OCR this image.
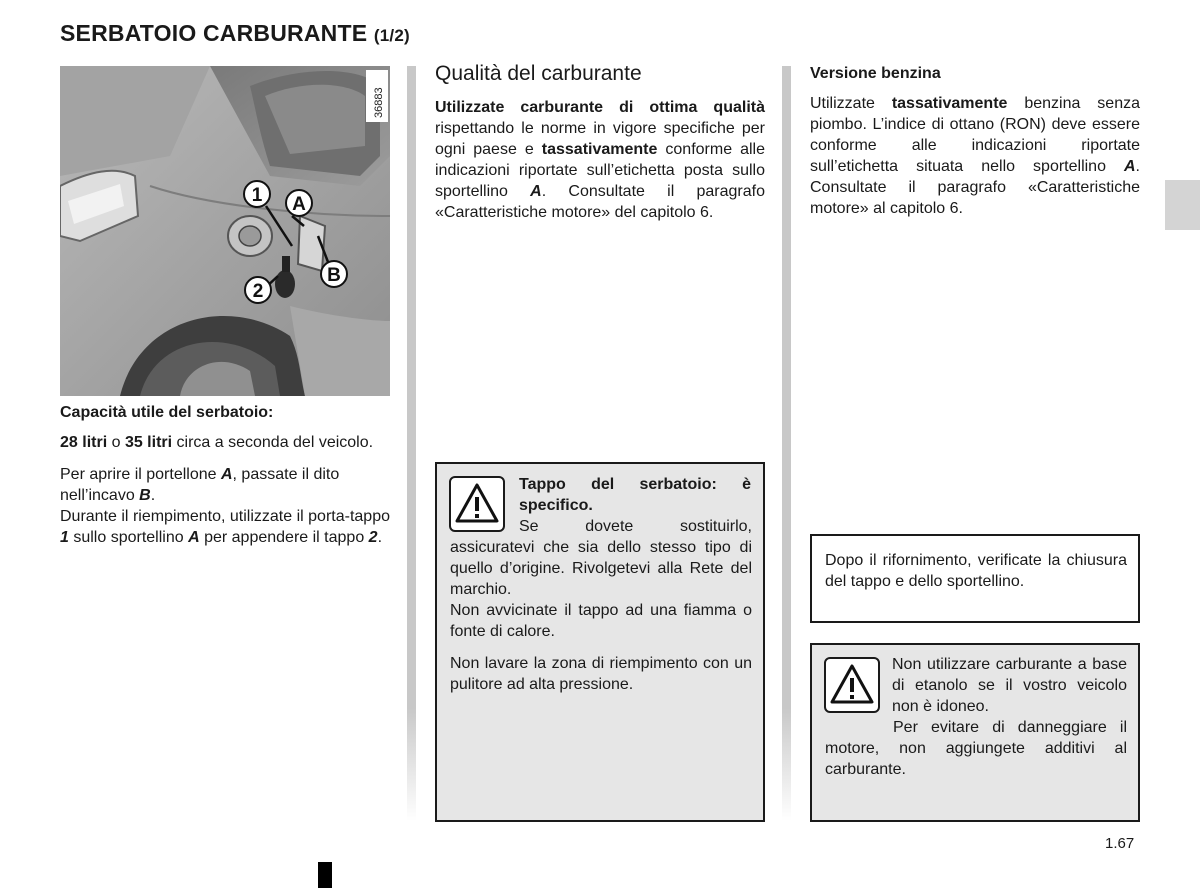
SERBATOIO CARBURANTE (1/2)
1 A
B
2
36883

Capacità utile del serbatoio:

28 litri o 35 litri circa a seconda del veicolo.

Per aprire il portellone A, passate il dito nell’incavo B.

Durante il riempimento, utilizzate il porta-tappo 1 sullo sportellino A per appendere il tappo 2.

Qualità del carburante
Utilizzate carburante di ottima qualità rispettando le norme in vigore specifiche per ogni paese e tassativamente conforme alle indicazioni riportate sull’etichetta posta sullo sportellino A. Consultate il paragrafo «Caratteristiche motore» del capitolo 6.
Tappo del serbatoio: è specifico.
Se dovete sostituirlo, assicuratevi che sia dello stesso tipo di quello d’origine. Rivolgetevi alla Rete del marchio.
Non avvicinate il tappo ad una fiamma o fonte di calore.
Non lavare la zona di riempimento con un pulitore ad alta pressione.
Versione benzina
Utilizzate tassativamente benzina senza piombo. L’indice di ottano (RON) deve essere conforme alle indicazioni riportate sull’etichetta situata nello sportellino A. Consultate il paragrafo «Caratteristiche motore» al capitolo 6.
Dopo il rifornimento, verificate la chiusura del tappo e dello sportellino.
Non utilizzare carburante a base di etanolo se il vostro veicolo non è idoneo.
Per evitare di danneggiare il motore, non aggiungete additivi al carburante.
1.67
